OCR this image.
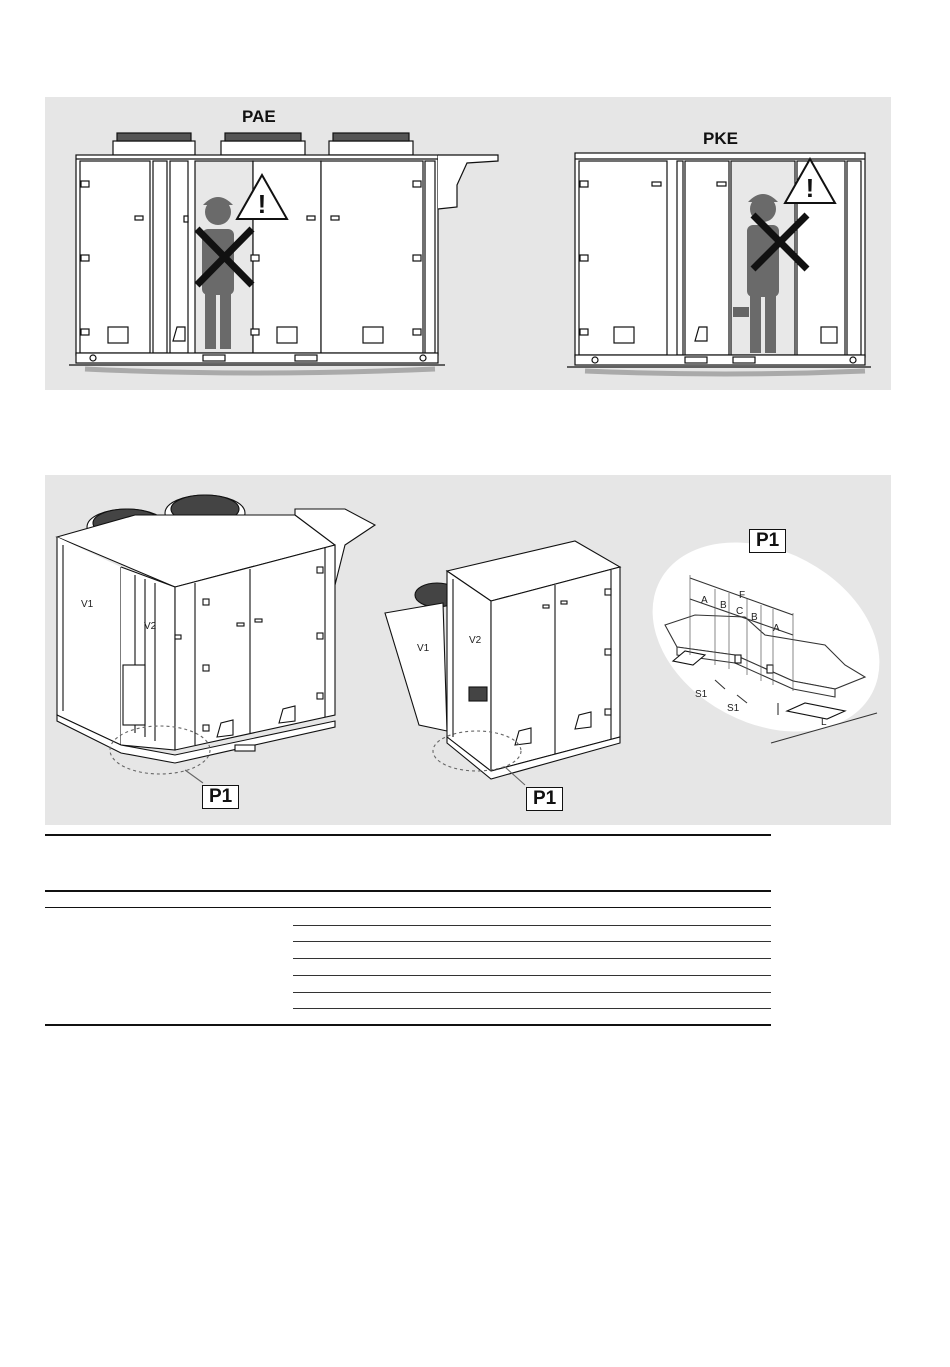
!
!
PAE
PKE
V1
V2
V1
V2
F
A B
C
B
A
S1
S1
L
P1	P1
P1
